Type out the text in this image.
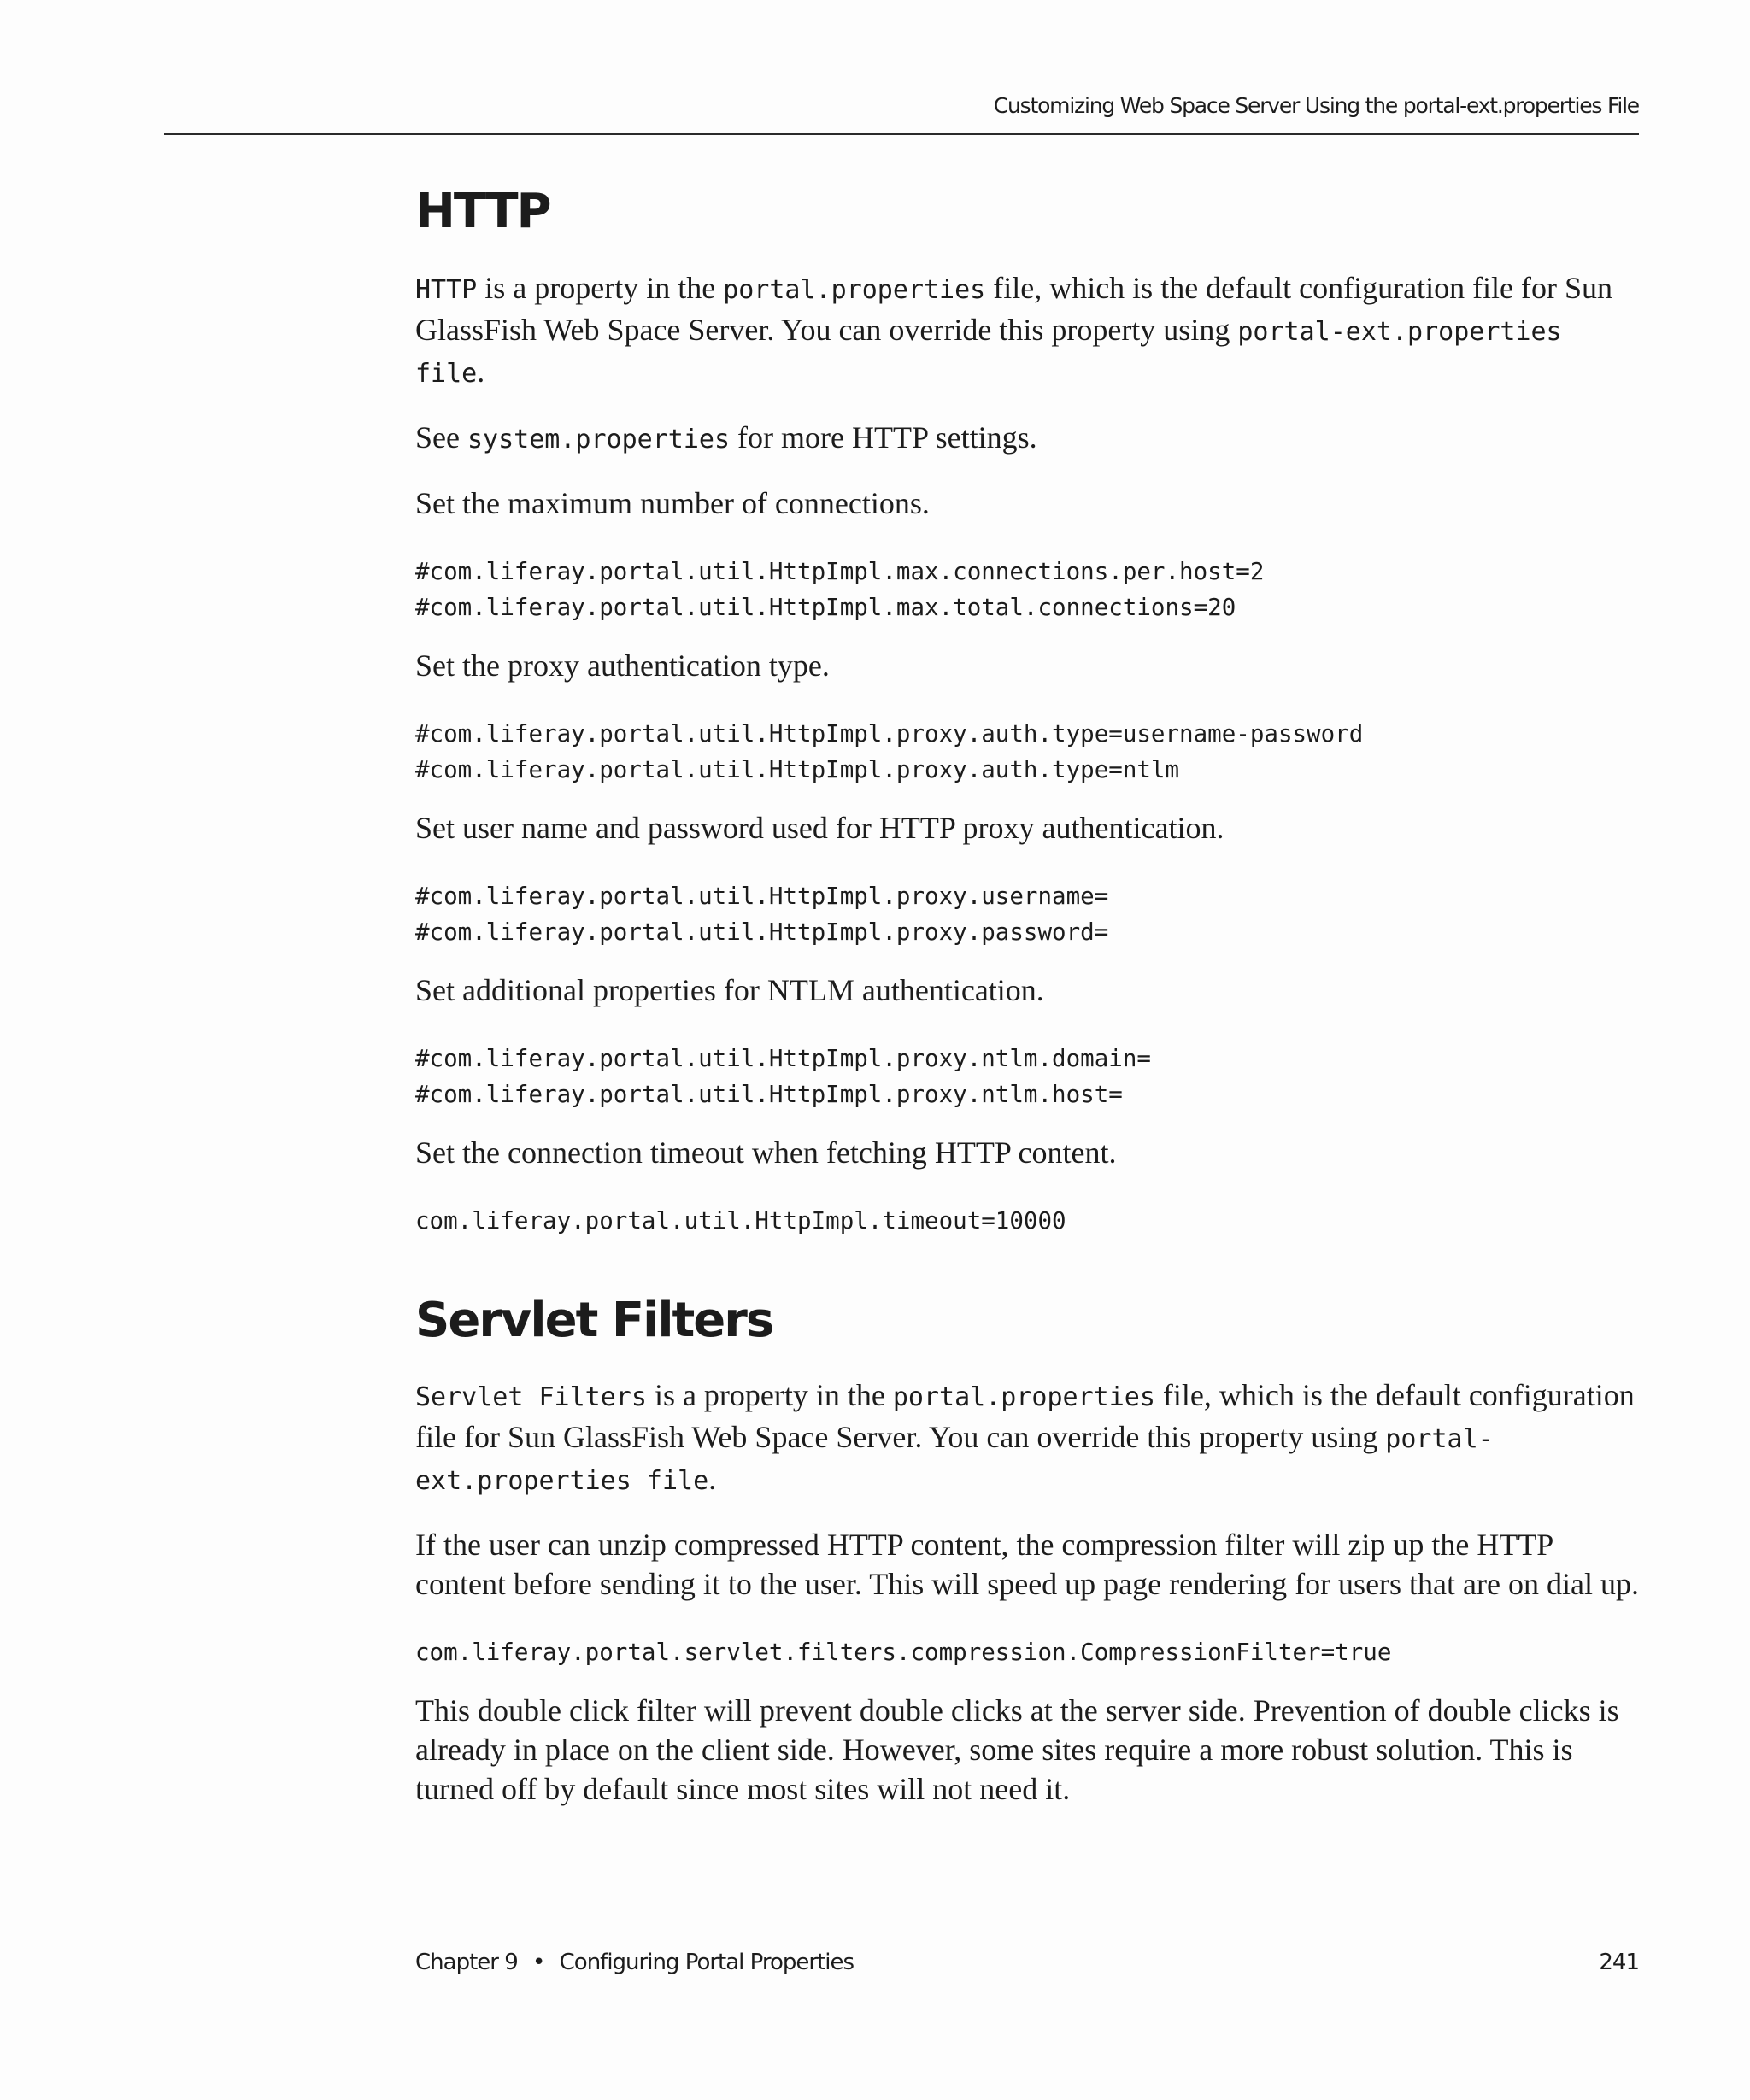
Customizing Web Space Server Using the portal-ext.properties File
HTTP

HTTP is a property in the portal.properties file, which is the default configuration file for Sun GlassFish Web Space Server. You can override this property using portal-ext.properties file.

See system.properties for more HTTP settings.

Set the maximum number of connections.

#com.liferay.portal.util.HttpImpl.max.connections.per.host=2
#com.liferay.portal.util.HttpImpl.max.total.connections=20

Set the proxy authentication type.

#com.liferay.portal.util.HttpImpl.proxy.auth.type=username-password
#com.liferay.portal.util.HttpImpl.proxy.auth.type=ntlm

Set user name and password used for HTTP proxy authentication.

#com.liferay.portal.util.HttpImpl.proxy.username=
#com.liferay.portal.util.HttpImpl.proxy.password=

Set additional properties for NTLM authentication.

#com.liferay.portal.util.HttpImpl.proxy.ntlm.domain=
#com.liferay.portal.util.HttpImpl.proxy.ntlm.host=

Set the connection timeout when fetching HTTP content.

com.liferay.portal.util.HttpImpl.timeout=10000
Servlet Filters

Servlet Filters is a property in the portal.properties file, which is the default configuration file for Sun GlassFish Web Space Server. You can override this property using portal-ext.properties file.

If the user can unzip compressed HTTP content, the compression filter will zip up the HTTP content before sending it to the user. This will speed up page rendering for users that are on dial up.

com.liferay.portal.servlet.filters.compression.CompressionFilter=true

This double click filter will prevent double clicks at the server side. Prevention of double clicks is already in place on the client side. However, some sites require a more robust solution. This is turned off by default since most sites will not need it.

Chapter 9 • Configuring Portal Properties	241
